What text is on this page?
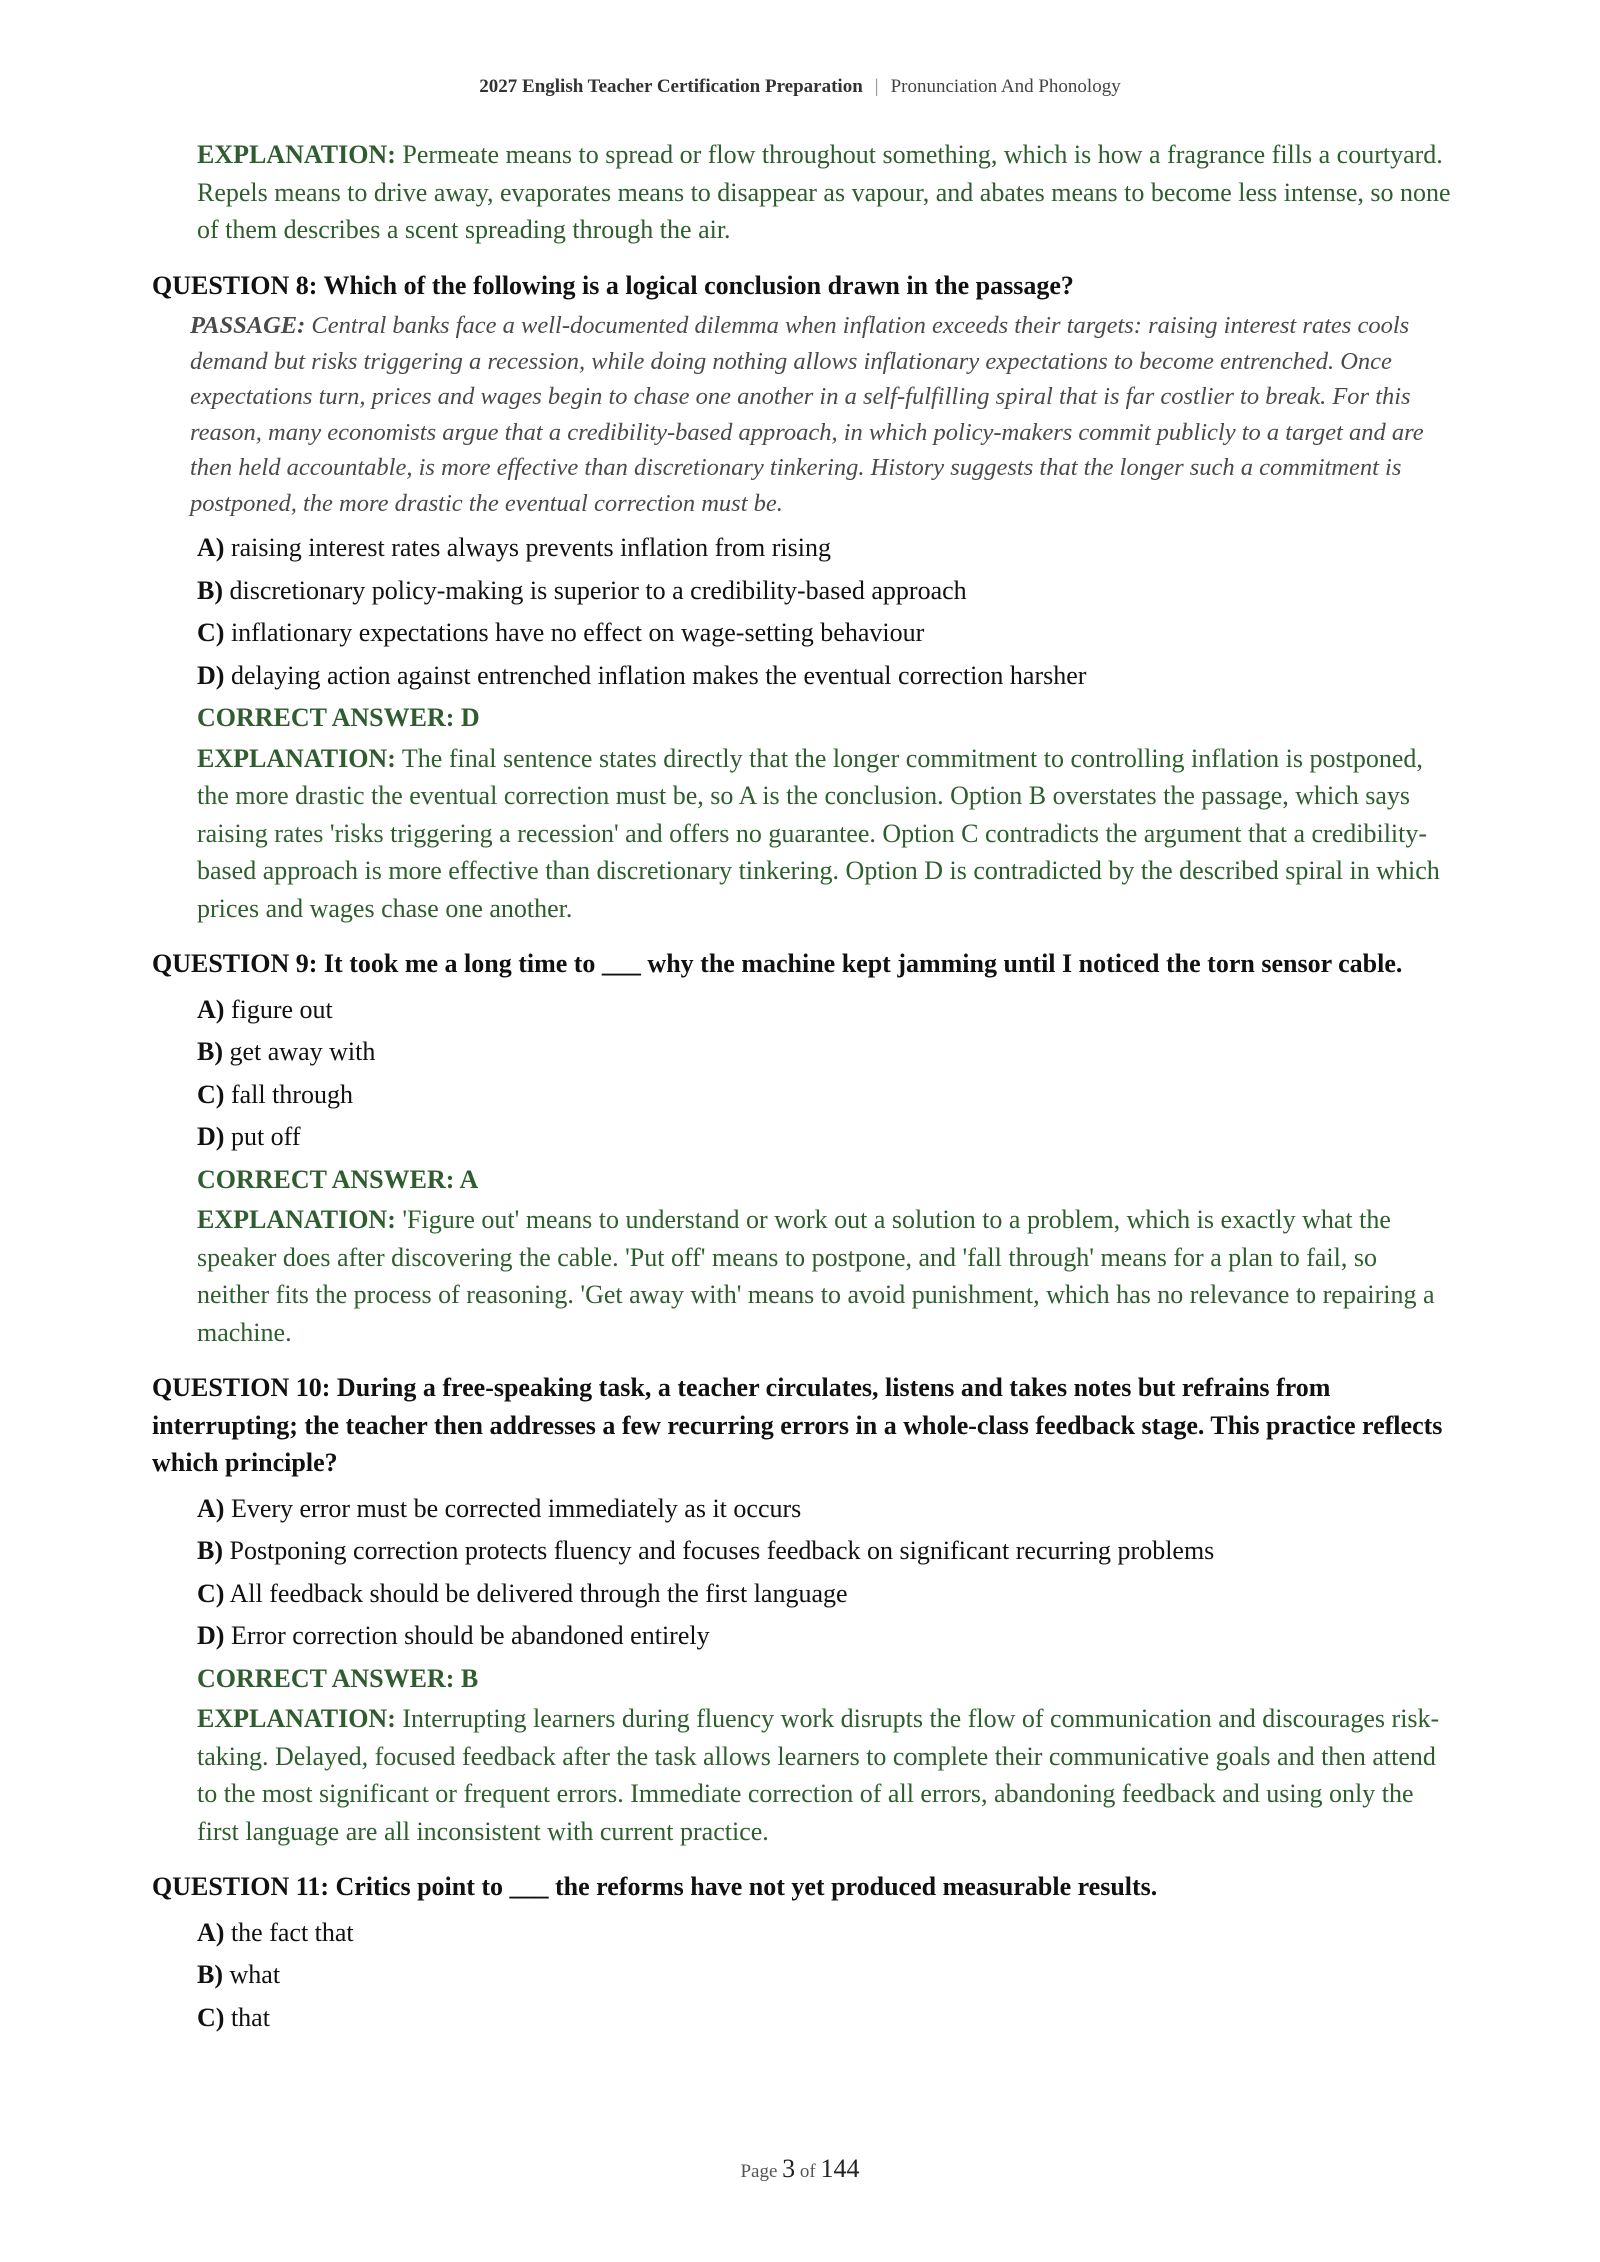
2027 English Teacher Certification Preparation | Pronunciation And Phonology
EXPLANATION: Permeate means to spread or flow throughout something, which is how a fragrance fills a courtyard. Repels means to drive away, evaporates means to disappear as vapour, and abates means to become less intense, so none of them describes a scent spreading through the air.
QUESTION 8: Which of the following is a logical conclusion drawn in the passage?
PASSAGE: Central banks face a well-documented dilemma when inflation exceeds their targets: raising interest rates cools demand but risks triggering a recession, while doing nothing allows inflationary expectations to become entrenched. Once expectations turn, prices and wages begin to chase one another in a self-fulfilling spiral that is far costlier to break. For this reason, many economists argue that a credibility-based approach, in which policy-makers commit publicly to a target and are then held accountable, is more effective than discretionary tinkering. History suggests that the longer such a commitment is postponed, the more drastic the eventual correction must be.
A) raising interest rates always prevents inflation from rising
B) discretionary policy-making is superior to a credibility-based approach
C) inflationary expectations have no effect on wage-setting behaviour
D) delaying action against entrenched inflation makes the eventual correction harsher
CORRECT ANSWER: D
EXPLANATION: The final sentence states directly that the longer commitment to controlling inflation is postponed, the more drastic the eventual correction must be, so A is the conclusion. Option B overstates the passage, which says raising rates 'risks triggering a recession' and offers no guarantee. Option C contradicts the argument that a credibility-based approach is more effective than discretionary tinkering. Option D is contradicted by the described spiral in which prices and wages chase one another.
QUESTION 9: It took me a long time to ___ why the machine kept jamming until I noticed the torn sensor cable.
A) figure out
B) get away with
C) fall through
D) put off
CORRECT ANSWER: A
EXPLANATION: 'Figure out' means to understand or work out a solution to a problem, which is exactly what the speaker does after discovering the cable. 'Put off' means to postpone, and 'fall through' means for a plan to fail, so neither fits the process of reasoning. 'Get away with' means to avoid punishment, which has no relevance to repairing a machine.
QUESTION 10: During a free-speaking task, a teacher circulates, listens and takes notes but refrains from interrupting; the teacher then addresses a few recurring errors in a whole-class feedback stage. This practice reflects which principle?
A) Every error must be corrected immediately as it occurs
B) Postponing correction protects fluency and focuses feedback on significant recurring problems
C) All feedback should be delivered through the first language
D) Error correction should be abandoned entirely
CORRECT ANSWER: B
EXPLANATION: Interrupting learners during fluency work disrupts the flow of communication and discourages risk-taking. Delayed, focused feedback after the task allows learners to complete their communicative goals and then attend to the most significant or frequent errors. Immediate correction of all errors, abandoning feedback and using only the first language are all inconsistent with current practice.
QUESTION 11: Critics point to ___ the reforms have not yet produced measurable results.
A) the fact that
B) what
C) that
Page 3 of 144
